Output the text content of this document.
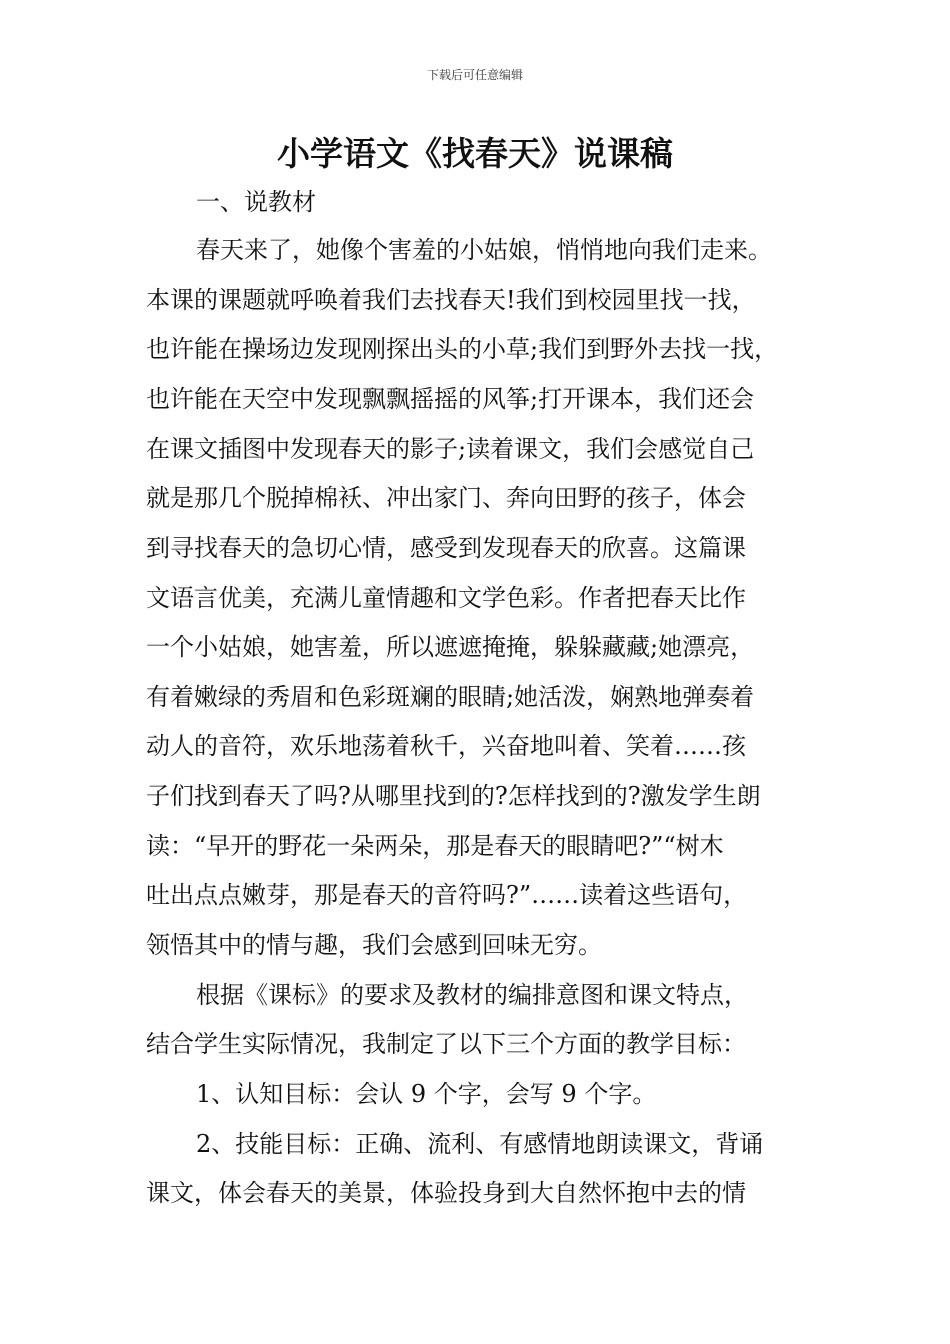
下载后可任意编辑
小学语文《找春天》说课稿
一、说教材
春天来了，她像个害羞的小姑娘，悄悄地向我们走来。
本课的课题就呼唤着我们去找春天!我们到校园里找一找，
也许能在操场边发现刚探出头的小草;我们到野外去找一找，
也许能在天空中发现飘飘摇摇的风筝;打开课本，我们还会
在课文插图中发现春天的影子;读着课文，我们会感觉自己
就是那几个脱掉棉袄、冲出家门、奔向田野的孩子，体会
到寻找春天的急切心情，感受到发现春天的欣喜。这篇课
文语言优美，充满儿童情趣和文学色彩。作者把春天比作
一个小姑娘，她害羞，所以遮遮掩掩，躲躲藏藏;她漂亮，
有着嫩绿的秀眉和色彩斑斓的眼睛;她活泼，娴熟地弹奏着
动人的音符，欢乐地荡着秋千，兴奋地叫着、笑着……孩
子们找到春天了吗?从哪里找到的?怎样找到的?激发学生朗
读：“早开的野花一朵两朵，那是春天的眼睛吧?”“树木
吐出点点嫩芽，那是春天的音符吗?”……读着这些语句，
领悟其中的情与趣，我们会感到回味无穷。
根据《课标》的要求及教材的编排意图和课文特点，
结合学生实际情况，我制定了以下三个方面的教学目标：
1、认知目标：会认 9 个字，会写 9 个字。
2、技能目标：正确、流利、有感情地朗读课文，背诵
课文，体会春天的美景，体验投身到大自然怀抱中去的情
